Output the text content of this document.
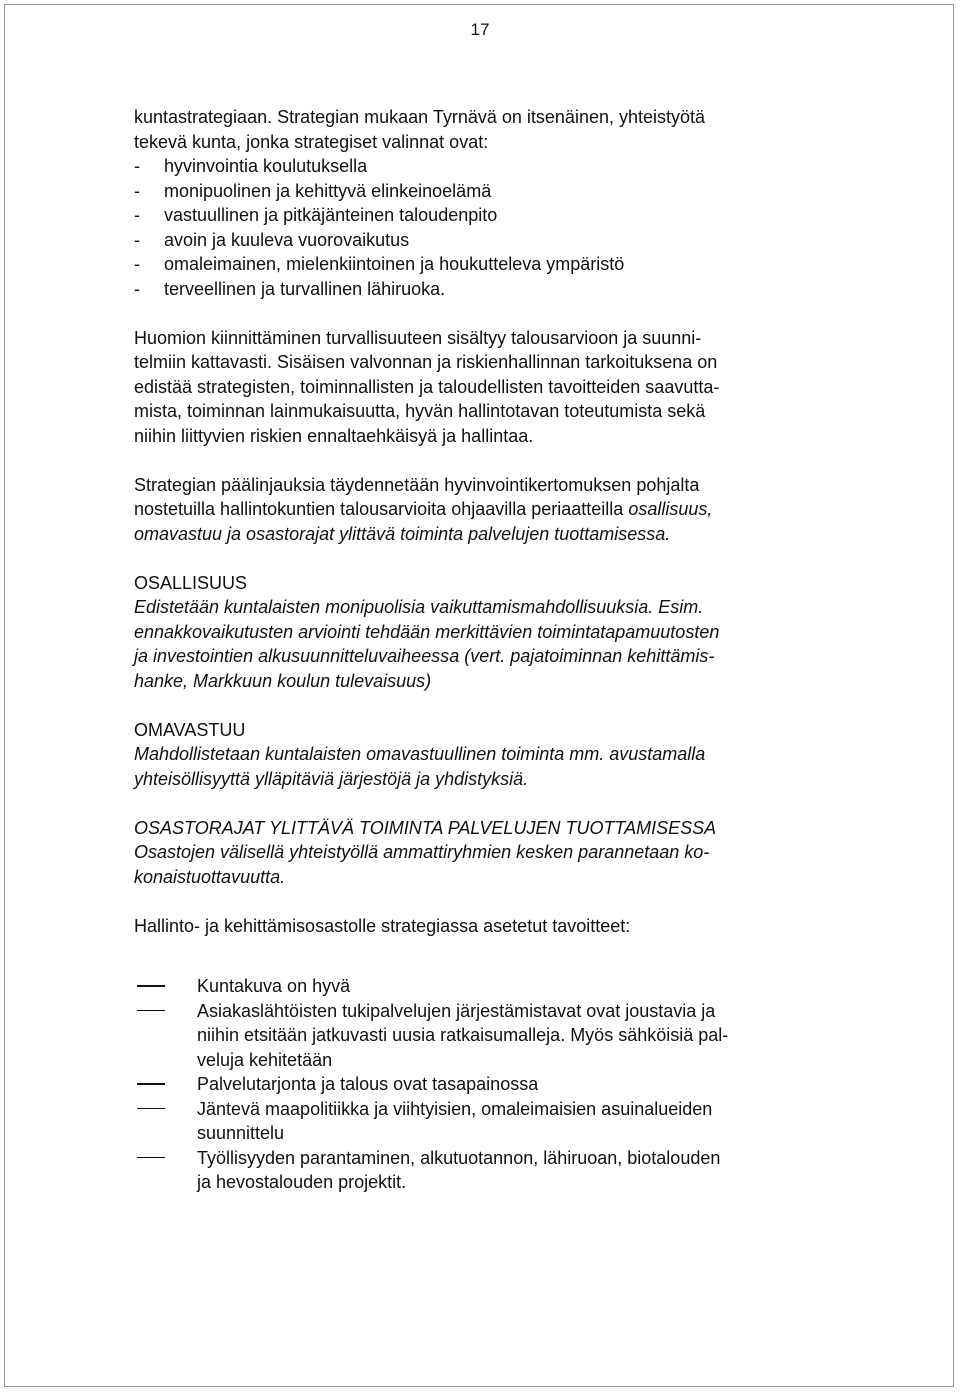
17
kuntastrategiaan. Strategian mukaan Tyrnävä on itsenäinen, yhteistyötä
tekevä kunta, jonka strategiset valinnat ovat:
- hyvinvointia koulutuksella
- monipuolinen ja kehittyvä elinkeinoelämä
- vastuullinen ja pitkäjänteinen taloudenpito
- avoin ja kuuleva vuorovaikutus
- omaleimainen, mielenkiintoinen ja houkutteleva ympäristö
- terveellinen ja turvallinen lähiruoka.
Huomion kiinnittäminen turvallisuuteen sisältyy talousarvioon ja suunni-
telmiin kattavasti. Sisäisen valvonnan ja riskienhallinnan tarkoituksena on
edistää strategisten, toiminnallisten ja taloudellisten tavoitteiden saavutta-
mista, toiminnan lainmukaisuutta, hyvän hallintotavan toteutumista sekä
niihin liittyvien riskien ennaltaehkäisyä ja hallintaa.
Strategian päälinjauksia täydennetään hyvinvointikertomuksen pohjalta
nostetuilla hallintokuntien talousarvioita ohjaavilla periaatteilla osallisuus,
omavastuu ja osastorajat ylittävä toiminta palvelujen tuottamisessa.
OSALLISUUS
Edistetään kuntalaisten monipuolisia vaikuttamismahdollisuuksia. Esim.
ennakkovaikutusten arviointi tehdään merkittävien toimintatapamuutosten
ja investointien alkusuunnitteluvaiheessa (vert. pajatoiminnan kehittämis-
hanke, Markkuun koulun tulevaisuus)
OMAVASTUU
Mahdollistetaan kuntalaisten omavastuullinen toiminta mm. avustamalla
yhteisöllisyyttä ylläpitäviä järjestöjä ja yhdistyksiä.
OSASTORAJAT YLITTÄVÄ TOIMINTA PALVELUJEN TUOTTAMISESSA
Osastojen välisellä yhteistyöllä ammattiryhmien kesken parannetaan ko-
konaistuottavuutta.

Hallinto- ja kehittämisosastolle strategiassa asetetut tavoitteet:

Kuntakuva on hyvä
Asiakaslähtöisten tukipalvelujen järjestämistavat ovat joustavia ja
niihin etsitään jatkuvasti uusia ratkaisumalleja. Myös sähköisiä pal-
veluja kehitetään
Palvelutarjonta ja talous ovat tasapainossa
Jäntevä maapolitiikka ja viihtyisien, omaleimaisien asuinalueiden
suunnittelu
Työllisyyden parantaminen, alkutuotannon, lähiruoan, biotalouden
ja hevostalouden projektit.
